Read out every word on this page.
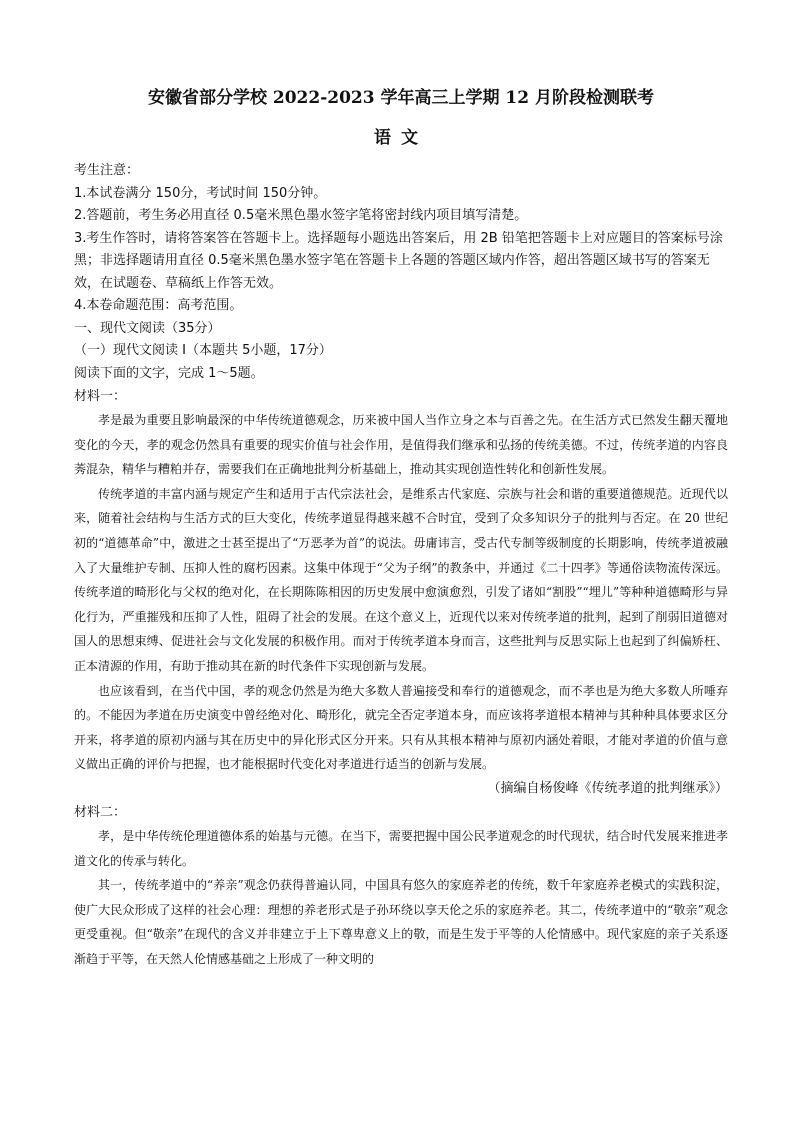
安徽省部分学校 2022-2023 学年高三上学期 12 月阶段检测联考
语文

考生注意：

1.本试卷满分 150分，考试时间 150分钟。

2.答题前，考生务必用直径 0.5毫米黑色墨水签字笔将密封线内项目填写清楚。

3.考生作答时，请将答案答在答题卡上。选择题每小题选出答案后，用 2B 铅笔把答题卡上对应题目的答案标号涂黑；非选择题请用直径 0.5毫米黑色墨水签字笔在答题卡上各题的答题区域内作答，超出答题区域书写的答案无效，在试题卷、草稿纸上作答无效。

4.本卷命题范围：高考范围。

一、现代文阅读（35分）

（一）现代文阅读 I（本题共 5小题，17分）

阅读下面的文字，完成 1～5题。

材料一：

孝是最为重要且影响最深的中华传统道德观念，历来被中国人当作立身之本与百善之先。在生活方式已然发生翻天覆地变化的今天，孝的观念仍然具有重要的现实价值与社会作用，是值得我们继承和弘扬的传统美德。不过，传统孝道的内容良莠混杂，精华与糟粕并存，需要我们在正确地批判分析基础上，推动其实现创造性转化和创新性发展。

传统孝道的丰富内涵与规定产生和适用于古代宗法社会，是维系古代家庭、宗族与社会和谐的重要道德规范。近现代以来，随着社会结构与生活方式的巨大变化，传统孝道显得越来越不合时宜，受到了众多知识分子的批判与否定。在 20 世纪初的“道德革命”中，激进之士甚至提出了“万恶孝为首”的说法。毋庸讳言，受古代专制等级制度的长期影响，传统孝道被融入了大量维护专制、压抑人性的腐朽因素。这集中体现于“父为子纲”的教条中，并通过《二十四孝》等通俗读物流传深远。传统孝道的畸形化与父权的绝对化，在长期陈陈相因的历史发展中愈演愈烈，引发了诸如“割股”“埋儿”等种种道德畸形与异化行为，严重摧残和压抑了人性，阻碍了社会的发展。在这个意义上，近现代以来对传统孝道的批判，起到了削弱旧道德对国人的思想束缚、促进社会与文化发展的积极作用。而对于传统孝道本身而言，这些批判与反思实际上也起到了纠偏矫枉、正本清源的作用，有助于推动其在新的时代条件下实现创新与发展。

也应该看到，在当代中国，孝的观念仍然是为绝大多数人普遍接受和奉行的道德观念，而不孝也是为绝大多数人所唾弃的。不能因为孝道在历史演变中曾经绝对化、畸形化，就完全否定孝道本身，而应该将孝道根本精神与其种种具体要求区分开来，将孝道的原初内涵与其在历史中的异化形式区分开来。只有从其根本精神与原初内涵处着眼，才能对孝道的价值与意义做出正确的评价与把握，也才能根据时代变化对孝道进行适当的创新与发展。

（摘编自杨俊峰《传统孝道的批判继承》）

材料二：

孝，是中华传统伦理道德体系的始基与元德。在当下，需要把握中国公民孝道观念的时代现状，结合时代发展来推进孝道文化的传承与转化。

其一，传统孝道中的“养亲”观念仍获得普遍认同，中国具有悠久的家庭养老的传统，数千年家庭养老模式的实践积淀，使广大民众形成了这样的社会心理：理想的养老形式是子孙环绕以享天伦之乐的家庭养老。其二，传统孝道中的“敬亲”观念更受重视。但“敬亲”在现代的含义并非建立于上下尊卑意义上的敬，而是生发于平等的人伦情感中。现代家庭的亲子关系逐渐趋于平等，在天然人伦情感基础之上形成了一种文明的
